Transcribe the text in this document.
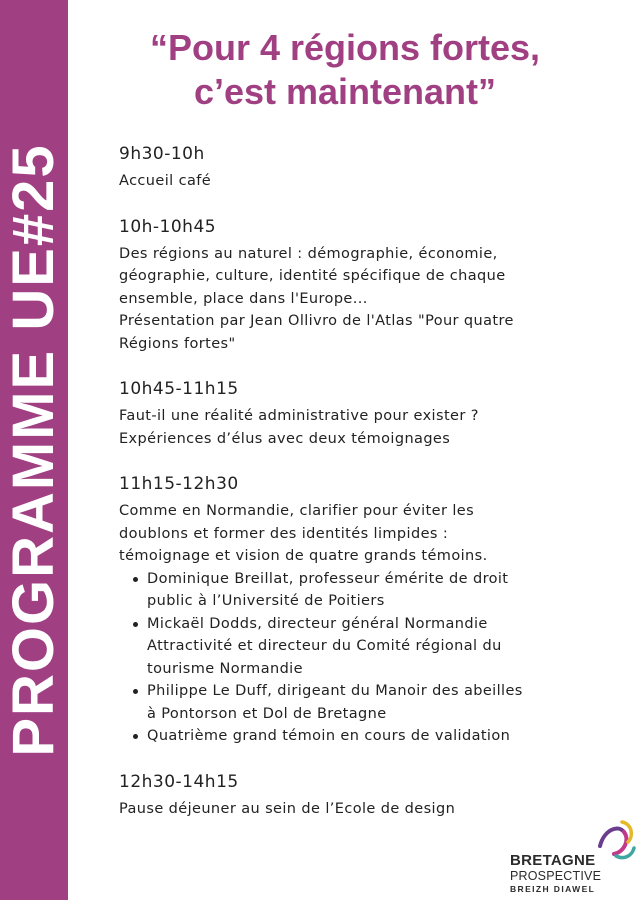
PROGRAMME UE#25
“Pour 4 régions fortes,
c’est maintenant”
9h30-10h

Accueil café

10h-10h45

Des régions au naturel : démographie, économie,
géographie, culture, identité spécifique de chaque
ensemble, place dans l'Europe...
Présentation par Jean Ollivro de l'Atlas "Pour quatre
Régions fortes"

10h45-11h15

Faut-il une réalité administrative pour exister ?
Expériences d’élus avec deux témoignages

11h15-12h30

Comme en Normandie, clarifier pour éviter les
doublons et former des identités limpides :
témoignage et vision de quatre grands témoins.

Dominique Breillat, professeur émérite de droit
public à l’Université de Poitiers
Mickaël Dodds, directeur général Normandie
Attractivité et directeur du Comité régional du
tourisme Normandie
Philippe Le Duff, dirigeant du Manoir des abeilles
à Pontorson et Dol de Bretagne
Quatrième grand témoin en cours de validation
12h30-14h15

Pause déjeuner au sein de l’Ecole de design

BRETAGNE
PROSPECTIVE
BREIZH DIAWEL
